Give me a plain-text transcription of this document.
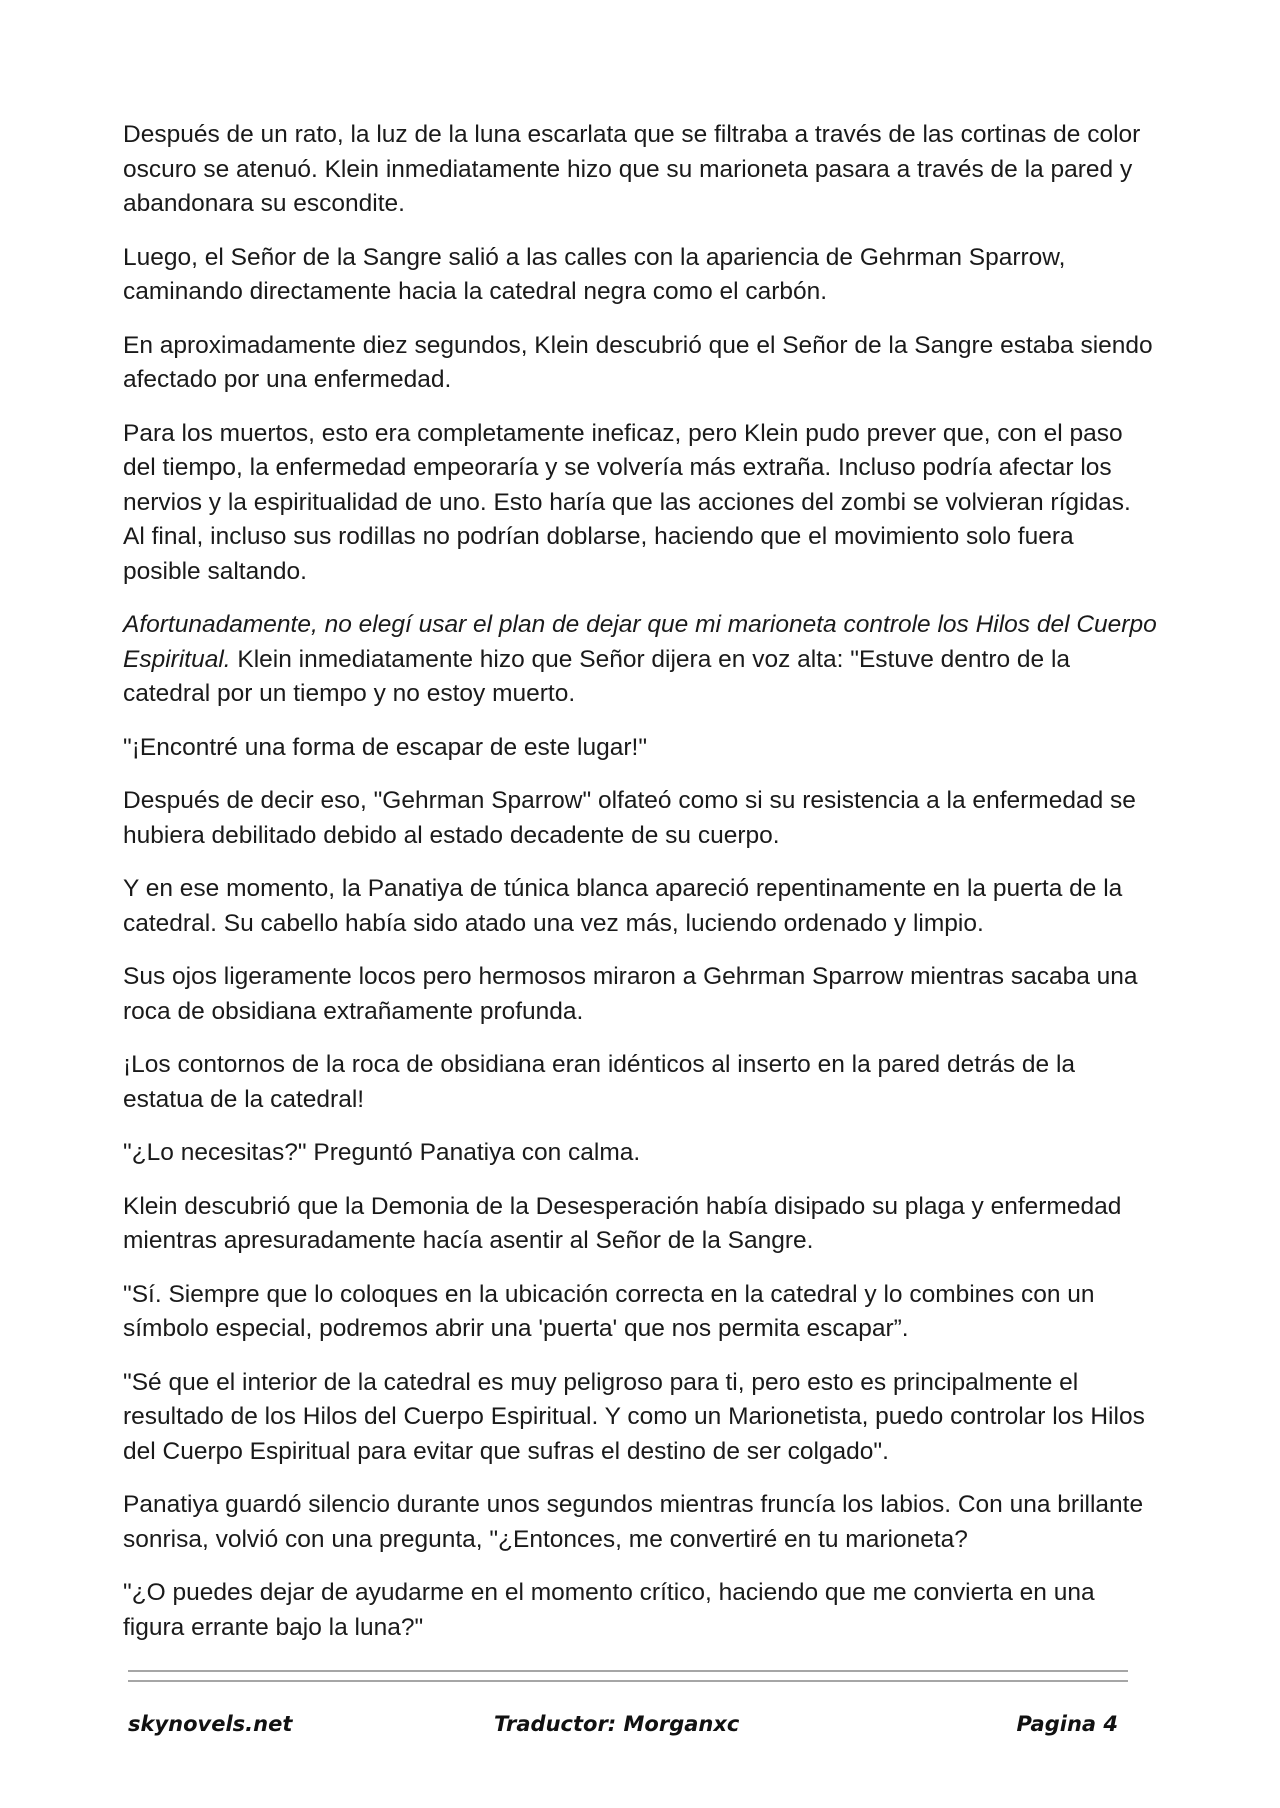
Después de un rato, la luz de la luna escarlata que se filtraba a través de las cortinas de color oscuro se atenuó. Klein inmediatamente hizo que su marioneta pasara a través de la pared y abandonara su escondite.

Luego, el Señor de la Sangre salió a las calles con la apariencia de Gehrman Sparrow, caminando directamente hacia la catedral negra como el carbón.

En aproximadamente diez segundos, Klein descubrió que el Señor de la Sangre estaba siendo afectado por una enfermedad.

Para los muertos, esto era completamente ineficaz, pero Klein pudo prever que, con el paso del tiempo, la enfermedad empeoraría y se volvería más extraña. Incluso podría afectar los nervios y la espiritualidad de uno. Esto haría que las acciones del zombi se volvieran rígidas. Al final, incluso sus rodillas no podrían doblarse, haciendo que el movimiento solo fuera posible saltando.

Afortunadamente, no elegí usar el plan de dejar que mi marioneta controle los Hilos del Cuerpo Espiritual. Klein inmediatamente hizo que Señor dijera en voz alta: "Estuve dentro de la catedral por un tiempo y no estoy muerto.

"¡Encontré una forma de escapar de este lugar!"

Después de decir eso, "Gehrman Sparrow" olfateó como si su resistencia a la enfermedad se hubiera debilitado debido al estado decadente de su cuerpo.

Y en ese momento, la Panatiya de túnica blanca apareció repentinamente en la puerta de la catedral. Su cabello había sido atado una vez más, luciendo ordenado y limpio.

Sus ojos ligeramente locos pero hermosos miraron a Gehrman Sparrow mientras sacaba una roca de obsidiana extrañamente profunda.

¡Los contornos de la roca de obsidiana eran idénticos al inserto en la pared detrás de la estatua de la catedral!

"¿Lo necesitas?" Preguntó Panatiya con calma.

Klein descubrió que la Demonia de la Desesperación había disipado su plaga y enfermedad mientras apresuradamente hacía asentir al Señor de la Sangre.

"Sí. Siempre que lo coloques en la ubicación correcta en la catedral y lo combines con un símbolo especial, podremos abrir una 'puerta' que nos permita escapar”.

"Sé que el interior de la catedral es muy peligroso para ti, pero esto es principalmente el resultado de los Hilos del Cuerpo Espiritual. Y como un Marionetista, puedo controlar los Hilos del Cuerpo Espiritual para evitar que sufras el destino de ser colgado".

Panatiya guardó silencio durante unos segundos mientras fruncía los labios. Con una brillante sonrisa, volvió con una pregunta, "¿Entonces, me convertiré en tu marioneta?

"¿O puedes dejar de ayudarme en el momento crítico, haciendo que me convierta en una figura errante bajo la luna?"

skynovels.net	Traductor: Morganxc	Pagina 4
